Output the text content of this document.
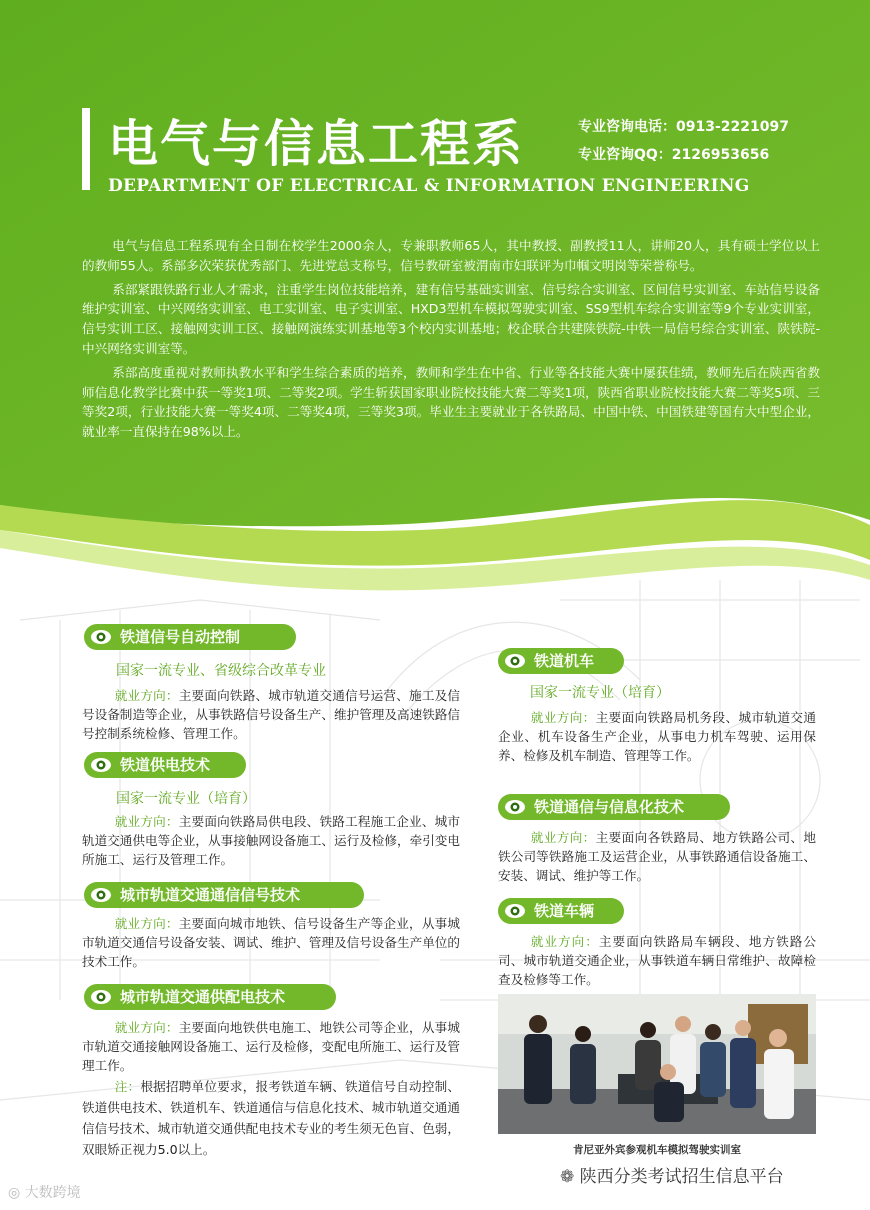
电气与信息工程系
DEPARTMENT OF ELECTRICAL & INFORMATION ENGINEERING
专业咨询电话：0913-2221097
专业咨询QQ：2126953656

电气与信息工程系现有全日制在校学生2000余人，专兼职教师65人，其中教授、副教授11人，讲师20人，具有硕士学位以上的教师55人。系部多次荣获优秀部门、先进党总支称号，信号教研室被渭南市妇联评为巾帼文明岗等荣誉称号。

系部紧跟铁路行业人才需求，注重学生岗位技能培养，建有信号基础实训室、信号综合实训室、区间信号实训室、车站信号设备维护实训室、中兴网络实训室、电工实训室、电子实训室、HXD3型机车模拟驾驶实训室、SS9型机车综合实训室等9个专业实训室，信号实训工区、接触网实训工区、接触网演练实训基地等3个校内实训基地；校企联合共建陕铁院-中铁一局信号综合实训室、陕铁院-中兴网络实训室等。

系部高度重视对教师执教水平和学生综合素质的培养，教师和学生在中省、行业等各技能大赛中屡获佳绩，教师先后在陕西省教师信息化教学比赛中获一等奖1项、二等奖2项。学生斩获国家职业院校技能大赛二等奖1项，陕西省职业院校技能大赛二等奖5项、三等奖2项，行业技能大赛一等奖4项、二等奖4项，三等奖3项。毕业生主要就业于各铁路局、中国中铁、中国铁建等国有大中型企业，就业率一直保持在98%以上。

铁道信号自动控制
国家一流专业、省级综合改革专业
就业方向：主要面向铁路、城市轨道交通信号运营、施工及信号设备制造等企业，从事铁路信号设备生产、维护管理及高速铁路信号控制系统检修、管理工作。
铁道供电技术
国家一流专业（培育）
就业方向：主要面向铁路局供电段、铁路工程施工企业、城市轨道交通供电等企业，从事接触网设备施工、运行及检修，牵引变电所施工、运行及管理工作。
城市轨道交通通信信号技术
就业方向：主要面向城市地铁、信号设备生产等企业，从事城市轨道交通信号设备安装、调试、维护、管理及信号设备生产单位的技术工作。
城市轨道交通供配电技术
就业方向：主要面向地铁供电施工、地铁公司等企业，从事城市轨道交通接触网设备施工、运行及检修，变配电所施工、运行及管理工作。
注：根据招聘单位要求，报考铁道车辆、铁道信号自动控制、铁道供电技术、铁道机车、铁道通信与信息化技术、城市轨道交通通信信号技术、城市轨道交通供配电技术专业的考生须无色盲、色弱，双眼矫正视力5.0以上。
铁道机车
国家一流专业（培育）
就业方向：主要面向铁路局机务段、城市轨道交通企业、机车设备生产企业，从事电力机车驾驶、运用保养、检修及机车制造、管理等工作。
铁道通信与信息化技术
就业方向：主要面向各铁路局、地方铁路公司、地铁公司等铁路施工及运营企业，从事铁路通信设备施工、安装、调试、维护等工作。
铁道车辆
就业方向：主要面向铁路局车辆段、地方铁路公司、城市轨道交通企业，从事铁道车辆日常维护、故障检查及检修等工作。
肯尼亚外宾参观机车模拟驾驶实训室
◎ 大数跨境
❁ 陕西分类考试招生信息平台
